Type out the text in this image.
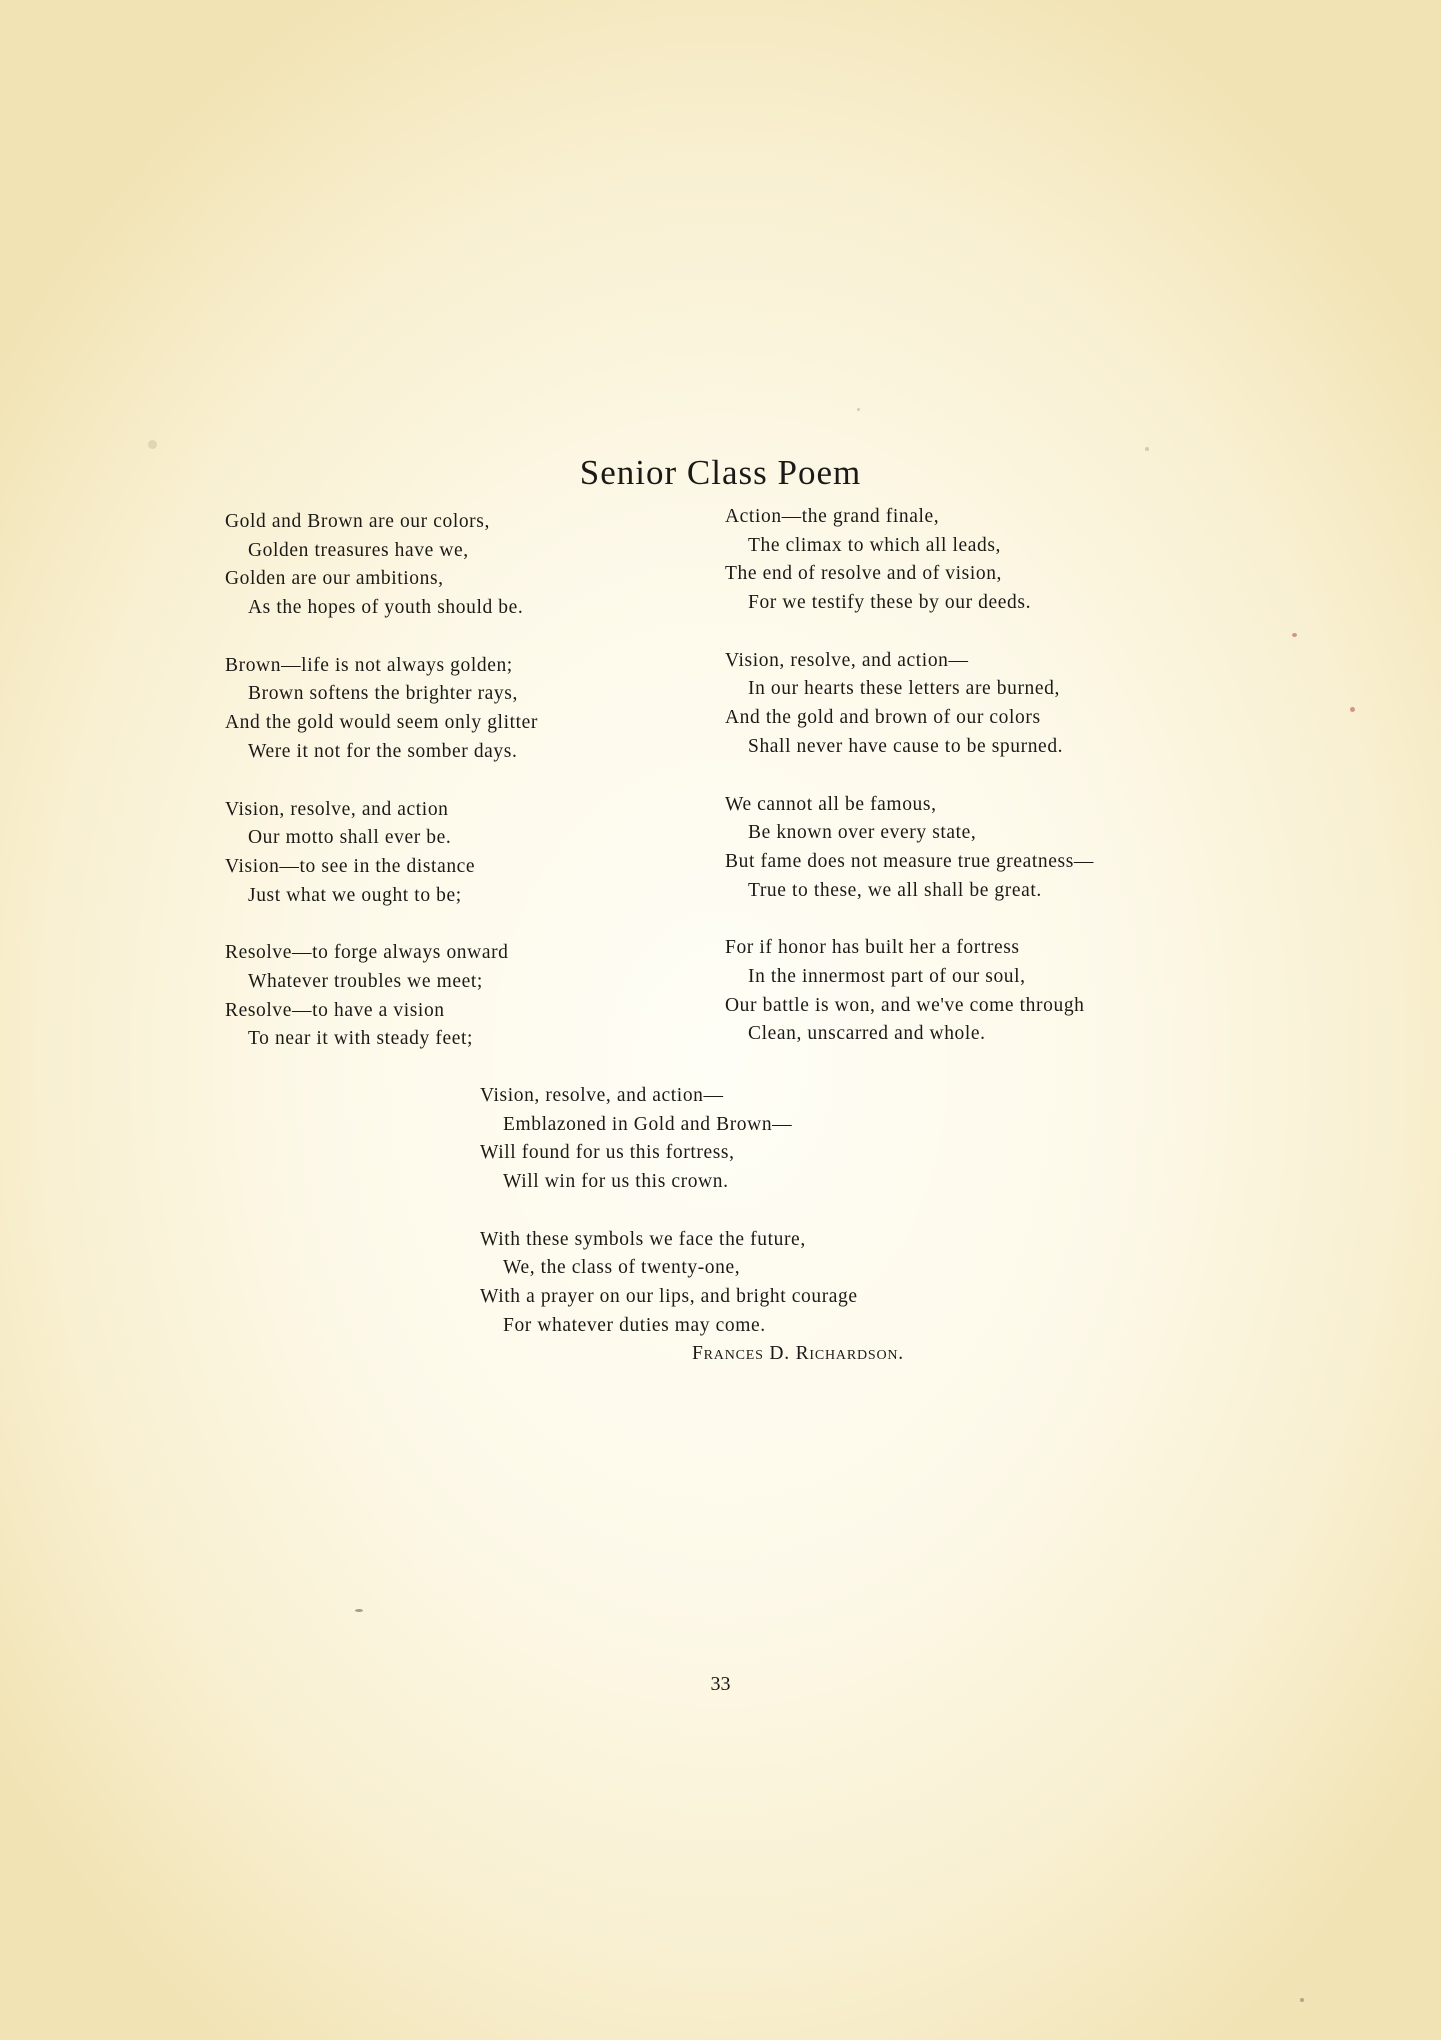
Senior Class Poem
Gold and Brown are our colors,
Golden treasures have we,
Golden are our ambitions,
As the hopes of youth should be.
Brown—life is not always golden;
Brown softens the brighter rays,
And the gold would seem only glitter
Were it not for the somber days.
Vision, resolve, and action
Our motto shall ever be.
Vision—to see in the distance
Just what we ought to be;
Resolve—to forge always onward
Whatever troubles we meet;
Resolve—to have a vision
To near it with steady feet;
Action—the grand finale,
The climax to which all leads,
The end of resolve and of vision,
For we testify these by our deeds.
Vision, resolve, and action—
In our hearts these letters are burned,
And the gold and brown of our colors
Shall never have cause to be spurned.
We cannot all be famous,
Be known over every state,
But fame does not measure true greatness—
True to these, we all shall be great.
For if honor has built her a fortress
In the innermost part of our soul,
Our battle is won, and we've come through
Clean, unscarred and whole.
Vision, resolve, and action—
Emblazoned in Gold and Brown—
Will found for us this fortress,
Will win for us this crown.
With these symbols we face the future,
We, the class of twenty-one,
With a prayer on our lips, and bright courage
For whatever duties may come.
Frances D. Richardson.
33
